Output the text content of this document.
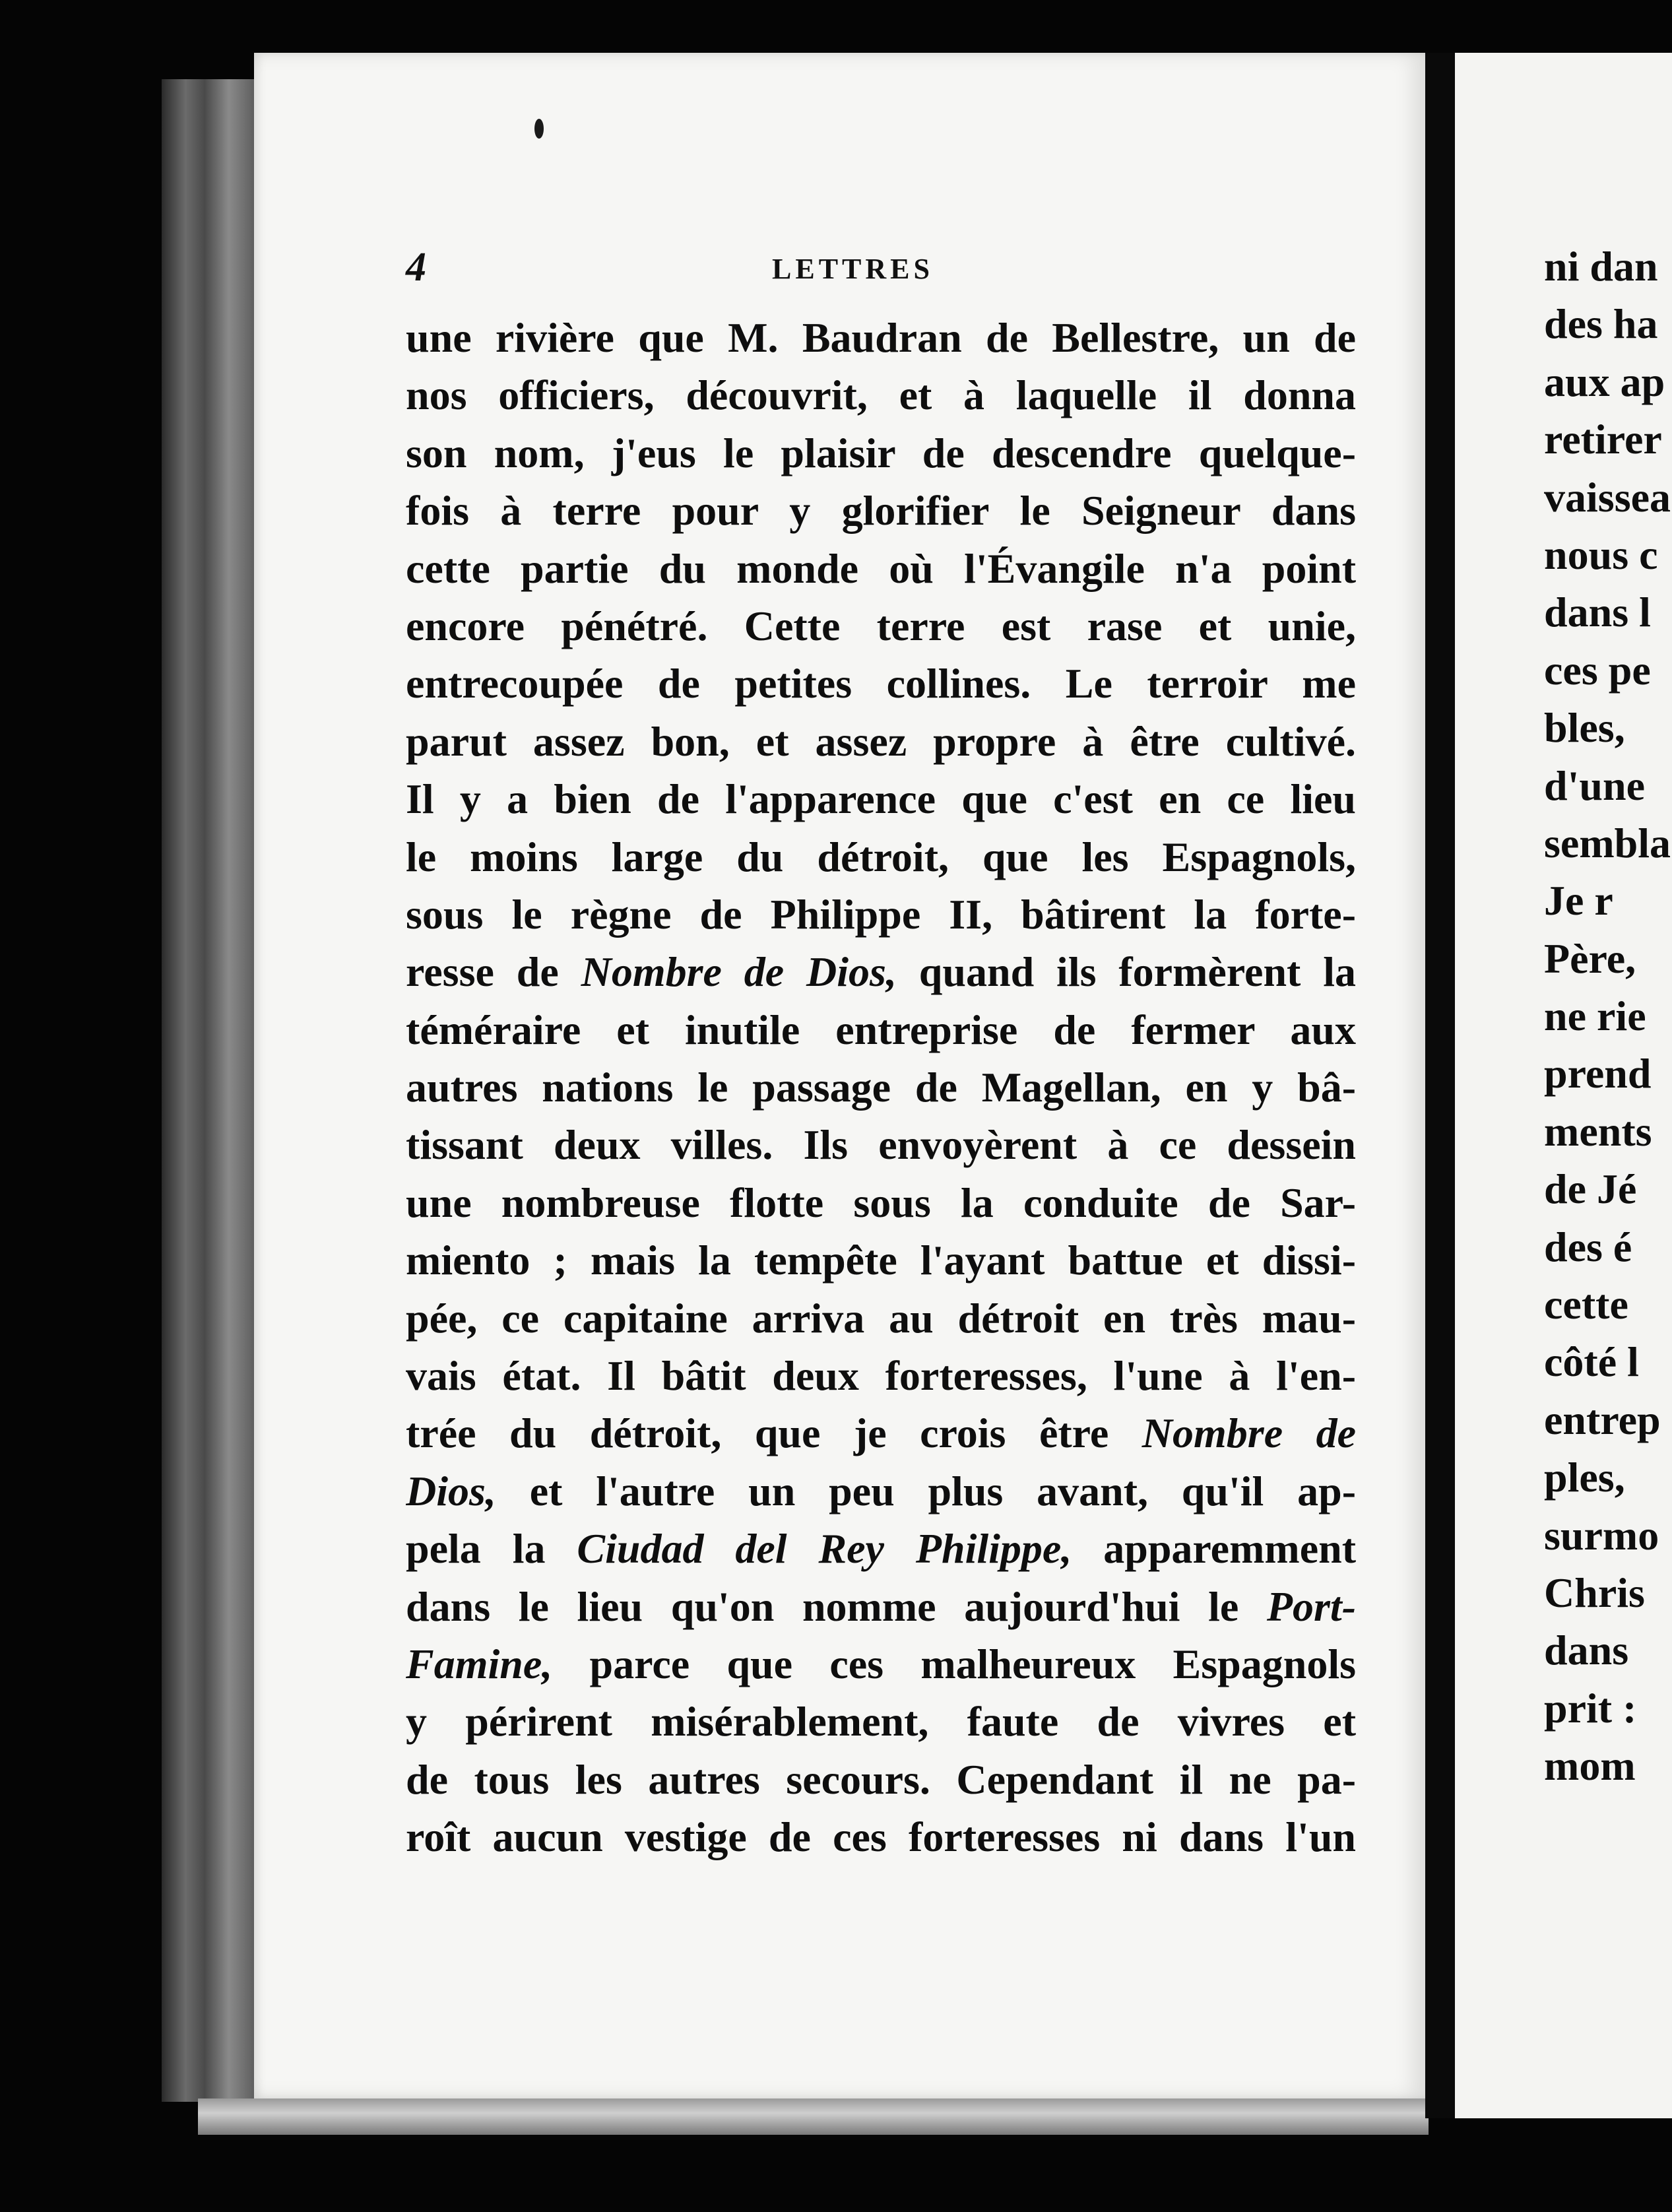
4	LETTRES
une rivière que M. Baudran de Bellestre, un de
nos officiers, découvrit, et à laquelle il donna
son nom, j'eus le plaisir de descendre quelque-
fois à terre pour y glorifier le Seigneur dans
cette partie du monde où l'Évangile n'a point
encore pénétré. Cette terre est rase et unie,
entrecoupée de petites collines. Le terroir me
parut assez bon, et assez propre à être cultivé.
Il y a bien de l'apparence que c'est en ce lieu
le moins large du détroit, que les Espagnols,
sous le règne de Philippe II, bâtirent la forte-
resse de Nombre de Dios, quand ils formèrent la
téméraire et inutile entreprise de fermer aux
autres nations le passage de Magellan, en y bâ-
tissant deux villes. Ils envoyèrent à ce dessein
une nombreuse flotte sous la conduite de Sar-
miento ; mais la tempête l'ayant battue et dissi-
pée, ce capitaine arriva au détroit en très mau-
vais état. Il bâtit deux forteresses, l'une à l'en-
trée du détroit, que je crois être Nombre de
Dios, et l'autre un peu plus avant, qu'il ap-
pela la Ciudad del Rey Philippe, apparemment
dans le lieu qu'on nomme aujourd'hui le Port-
Famine, parce que ces malheureux Espagnols
y périrent misérablement, faute de vivres et
de tous les autres secours. Cependant il ne pa-
roît aucun vestige de ces forteresses ni dans l'un
ni dan
des ha
aux ap
retirer
vaissea
nous c
dans l
ces pe
bles,
d'une
sembla
Je r
Père,
ne rie
prend
ments
de Jé
des é
cette
côté l
entrep
ples,
surmo
Chris
dans
prit :
mom
